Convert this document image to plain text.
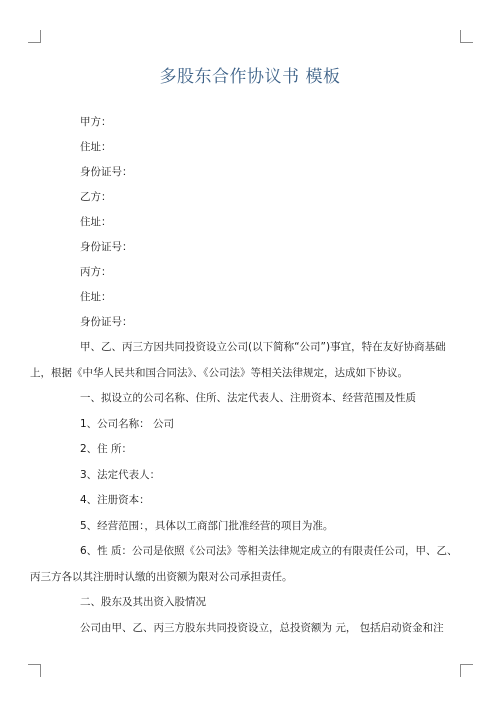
多股东合作协议书 模板
甲方：
住址：
身份证号：
乙方：
住址：
身份证号：
丙方：
住址：
身份证号：
甲、乙、丙三方因共同投资设立公司(以下简称“公司”)事宜，特在友好协商基础
上，根据《中华人民共和国合同法》、《公司法》等相关法律规定，达成如下协议。
一、拟设立的公司名称、住所、法定代表人、注册资本、经营范围及性质
1、公司名称： 公司
2、住 所：
3、法定代表人：
4、注册资本：
5、经营范围：，具体以工商部门批准经营的项目为准。
6、性 质：公司是依照《公司法》等相关法律规定成立的有限责任公司，甲、乙、
丙三方各以其注册时认缴的出资额为限对公司承担责任。
二、股东及其出资入股情况
公司由甲、乙、丙三方股东共同投资设立，总投资额为 元， 包括启动资金和注
